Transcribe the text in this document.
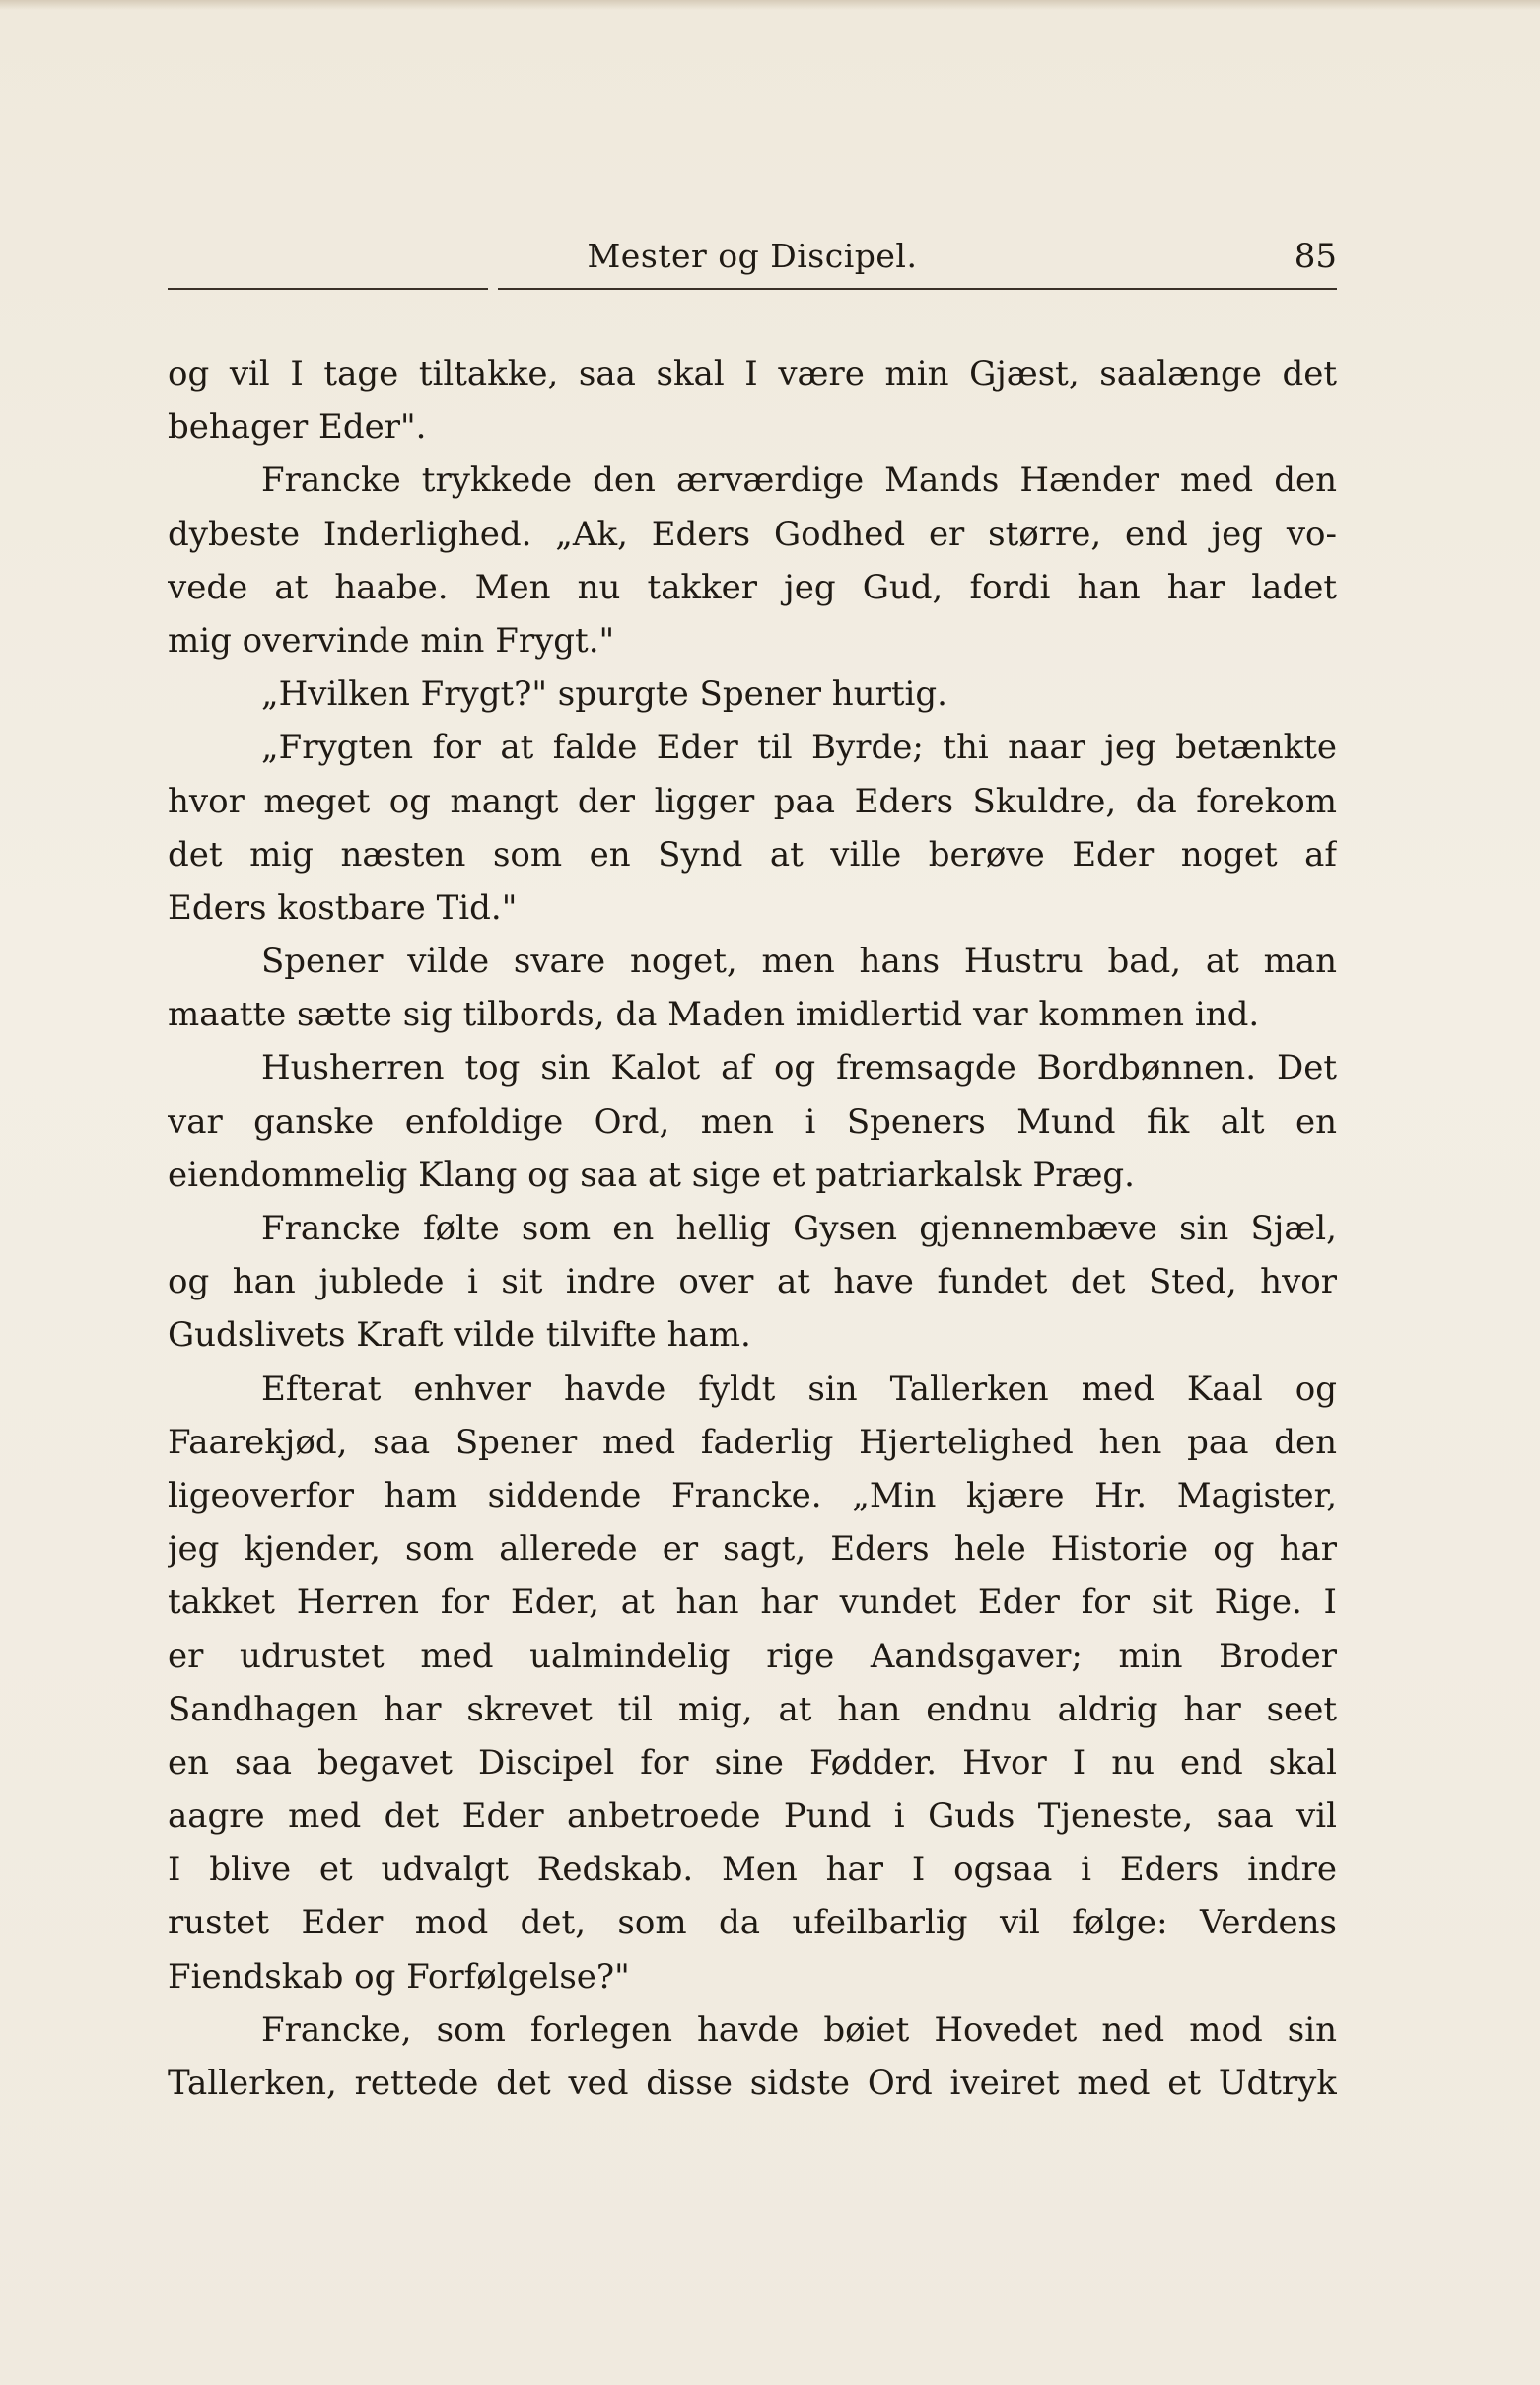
Mester og Discipel.	85
og vil I tage tiltakke, saa skal I være min Gjæst, saalænge det
behager Eder".
Francke trykkede den ærværdige Mands Hænder med den
dybeste Inderlighed. „Ak, Eders Godhed er større, end jeg vo-
vede at haabe. Men nu takker jeg Gud, fordi han har ladet
mig overvinde min Frygt."
„Hvilken Frygt?" spurgte Spener hurtig.
„Frygten for at falde Eder til Byrde; thi naar jeg betænkte
hvor meget og mangt der ligger paa Eders Skuldre, da forekom
det mig næsten som en Synd at ville berøve Eder noget af
Eders kostbare Tid."
Spener vilde svare noget, men hans Hustru bad, at man
maatte sætte sig tilbords, da Maden imidlertid var kommen ind.
Husherren tog sin Kalot af og fremsagde Bordbønnen. Det
var ganske enfoldige Ord, men i Speners Mund fik alt en
eiendommelig Klang og saa at sige et patriarkalsk Præg.
Francke følte som en hellig Gysen gjennembæve sin Sjæl,
og han jublede i sit indre over at have fundet det Sted, hvor
Gudslivets Kraft vilde tilvifte ham.
Efterat enhver havde fyldt sin Tallerken med Kaal og
Faarekjød, saa Spener med faderlig Hjertelighed hen paa den
ligeoverfor ham siddende Francke. „Min kjære Hr. Magister,
jeg kjender, som allerede er sagt, Eders hele Historie og har
takket Herren for Eder, at han har vundet Eder for sit Rige. I
er udrustet med ualmindelig rige Aandsgaver; min Broder
Sandhagen har skrevet til mig, at han endnu aldrig har seet
en saa begavet Discipel for sine Fødder. Hvor I nu end skal
aagre med det Eder anbetroede Pund i Guds Tjeneste, saa vil
I blive et udvalgt Redskab. Men har I ogsaa i Eders indre
rustet Eder mod det, som da ufeilbarlig vil følge: Verdens
Fiendskab og Forfølgelse?"
Francke, som forlegen havde bøiet Hovedet ned mod sin
Tallerken, rettede det ved disse sidste Ord iveiret med et Udtryk
